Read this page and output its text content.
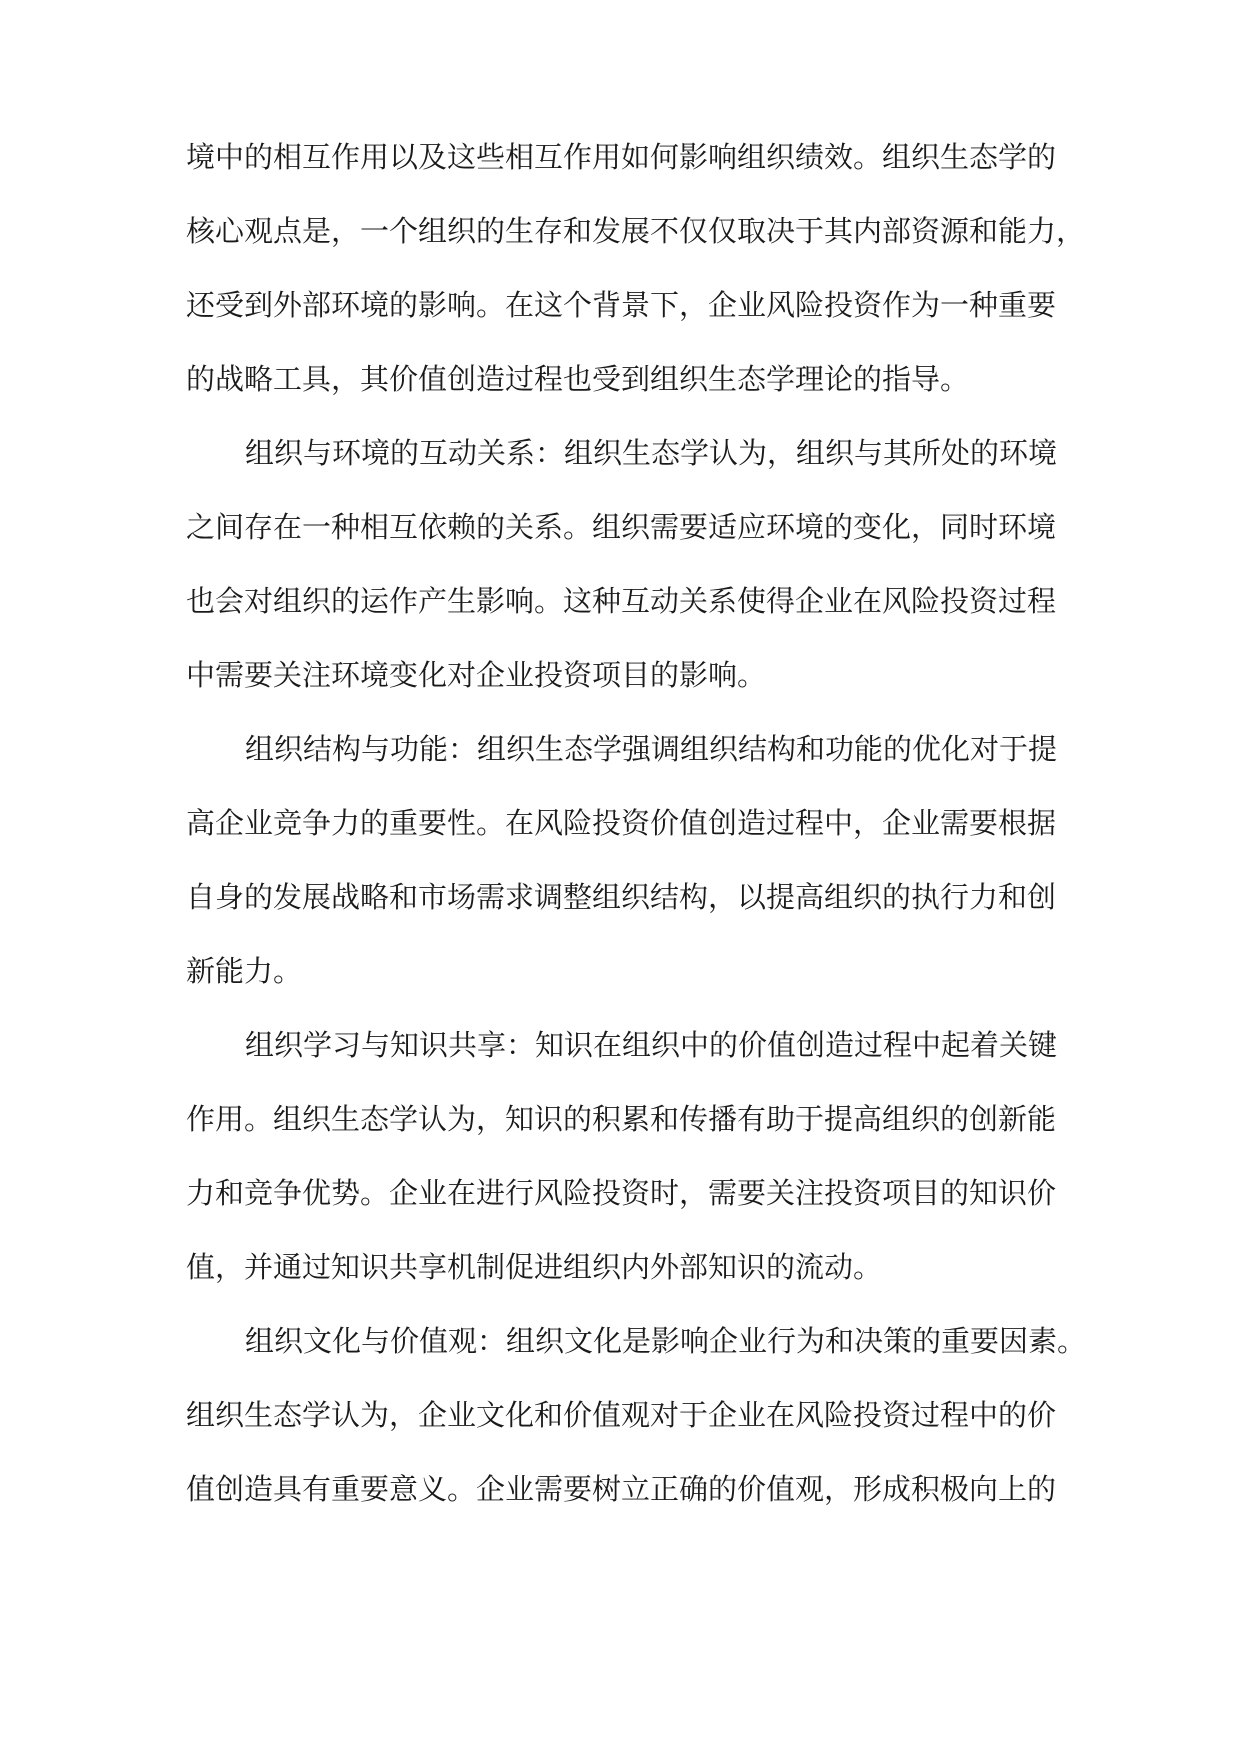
境中的相互作用以及这些相互作用如何影响组织绩效。组织生态学的
核心观点是，一个组织的生存和发展不仅仅取决于其内部资源和能力，
还受到外部环境的影响。在这个背景下，企业风险投资作为一种重要
的战略工具，其价值创造过程也受到组织生态学理论的指导。
组织与环境的互动关系：组织生态学认为，组织与其所处的环境
之间存在一种相互依赖的关系。组织需要适应环境的变化，同时环境
也会对组织的运作产生影响。这种互动关系使得企业在风险投资过程
中需要关注环境变化对企业投资项目的影响。
组织结构与功能：组织生态学强调组织结构和功能的优化对于提
高企业竞争力的重要性。在风险投资价值创造过程中，企业需要根据
自身的发展战略和市场需求调整组织结构，以提高组织的执行力和创
新能力。
组织学习与知识共享：知识在组织中的价值创造过程中起着关键
作用。组织生态学认为，知识的积累和传播有助于提高组织的创新能
力和竞争优势。企业在进行风险投资时，需要关注投资项目的知识价
值，并通过知识共享机制促进组织内外部知识的流动。
组织文化与价值观：组织文化是影响企业行为和决策的重要因素。
组织生态学认为，企业文化和价值观对于企业在风险投资过程中的价
值创造具有重要意义。企业需要树立正确的价值观，形成积极向上的
